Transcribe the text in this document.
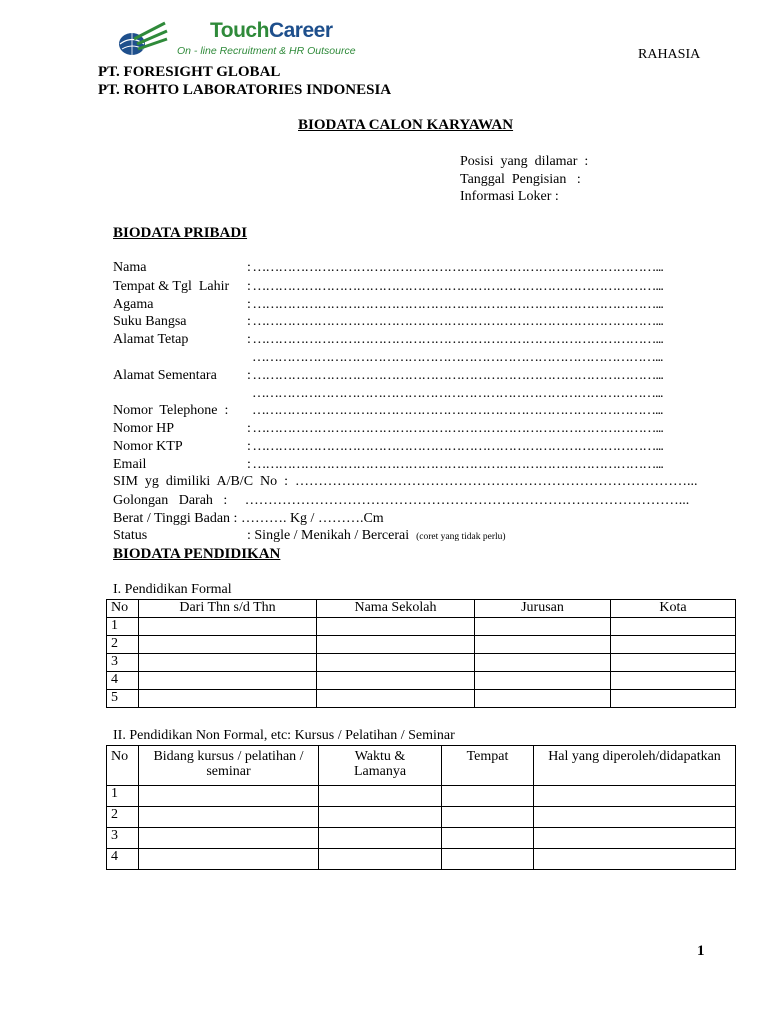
TouchCareer
On - line Recruitment & HR Outsource	RAHASIA
PT. FORESIGHT GLOBAL
PT. ROHTO LABORATORIES INDONESIA
BIODATA CALON KARYAWAN
Posisi  yang  dilamar  :
Tanggal  Pengisian   :
Informasi Loker :
BIODATA PRIBADI
Nama	: …………………………………………………………………………………...
Tempat & Tgl  Lahir : …………………………………………………………………………………...
Agama	: …………………………………………………………………………………...
Suku Bangsa	: …………………………………………………………………………………...
Alamat Tetap	: …………………………………………………………………………………...
…………………………………………………………………………………...
Alamat Sementara : …………………………………………………………………………………...
…………………………………………………………………………………...
Nomor  Telephone  : …………………………………………………………………………………...
Nomor HP	: …………………………………………………………………………………...
Nomor KTP	: …………………………………………………………………………………...
Email	: …………………………………………………………………………………...
SIM  yg  dimiliki  A/B/C  No  :  …………………………………………………………………………...
Golongan   Darah   :     …………………………………………………………………………………...
Berat / Tinggi Badan : ………. Kg / ……….Cm
Status	: Single / Menikah / Bercerai (coret yang tidak perlu)
BIODATA PENDIDIKAN
I. Pendidikan Formal
No	Dari Thn s/d Thn	Nama Sekolah	Jurusan	Kota
1				
2				
3				
4				
5				
II. Pendidikan Non Formal, etc: Kursus / Pelatihan / Seminar
No	Bidang kursus / pelatihan / seminar	Waktu & Lamanya	Tempat	Hal yang diperoleh/didapatkan
1				
2				
3				
4				
1
